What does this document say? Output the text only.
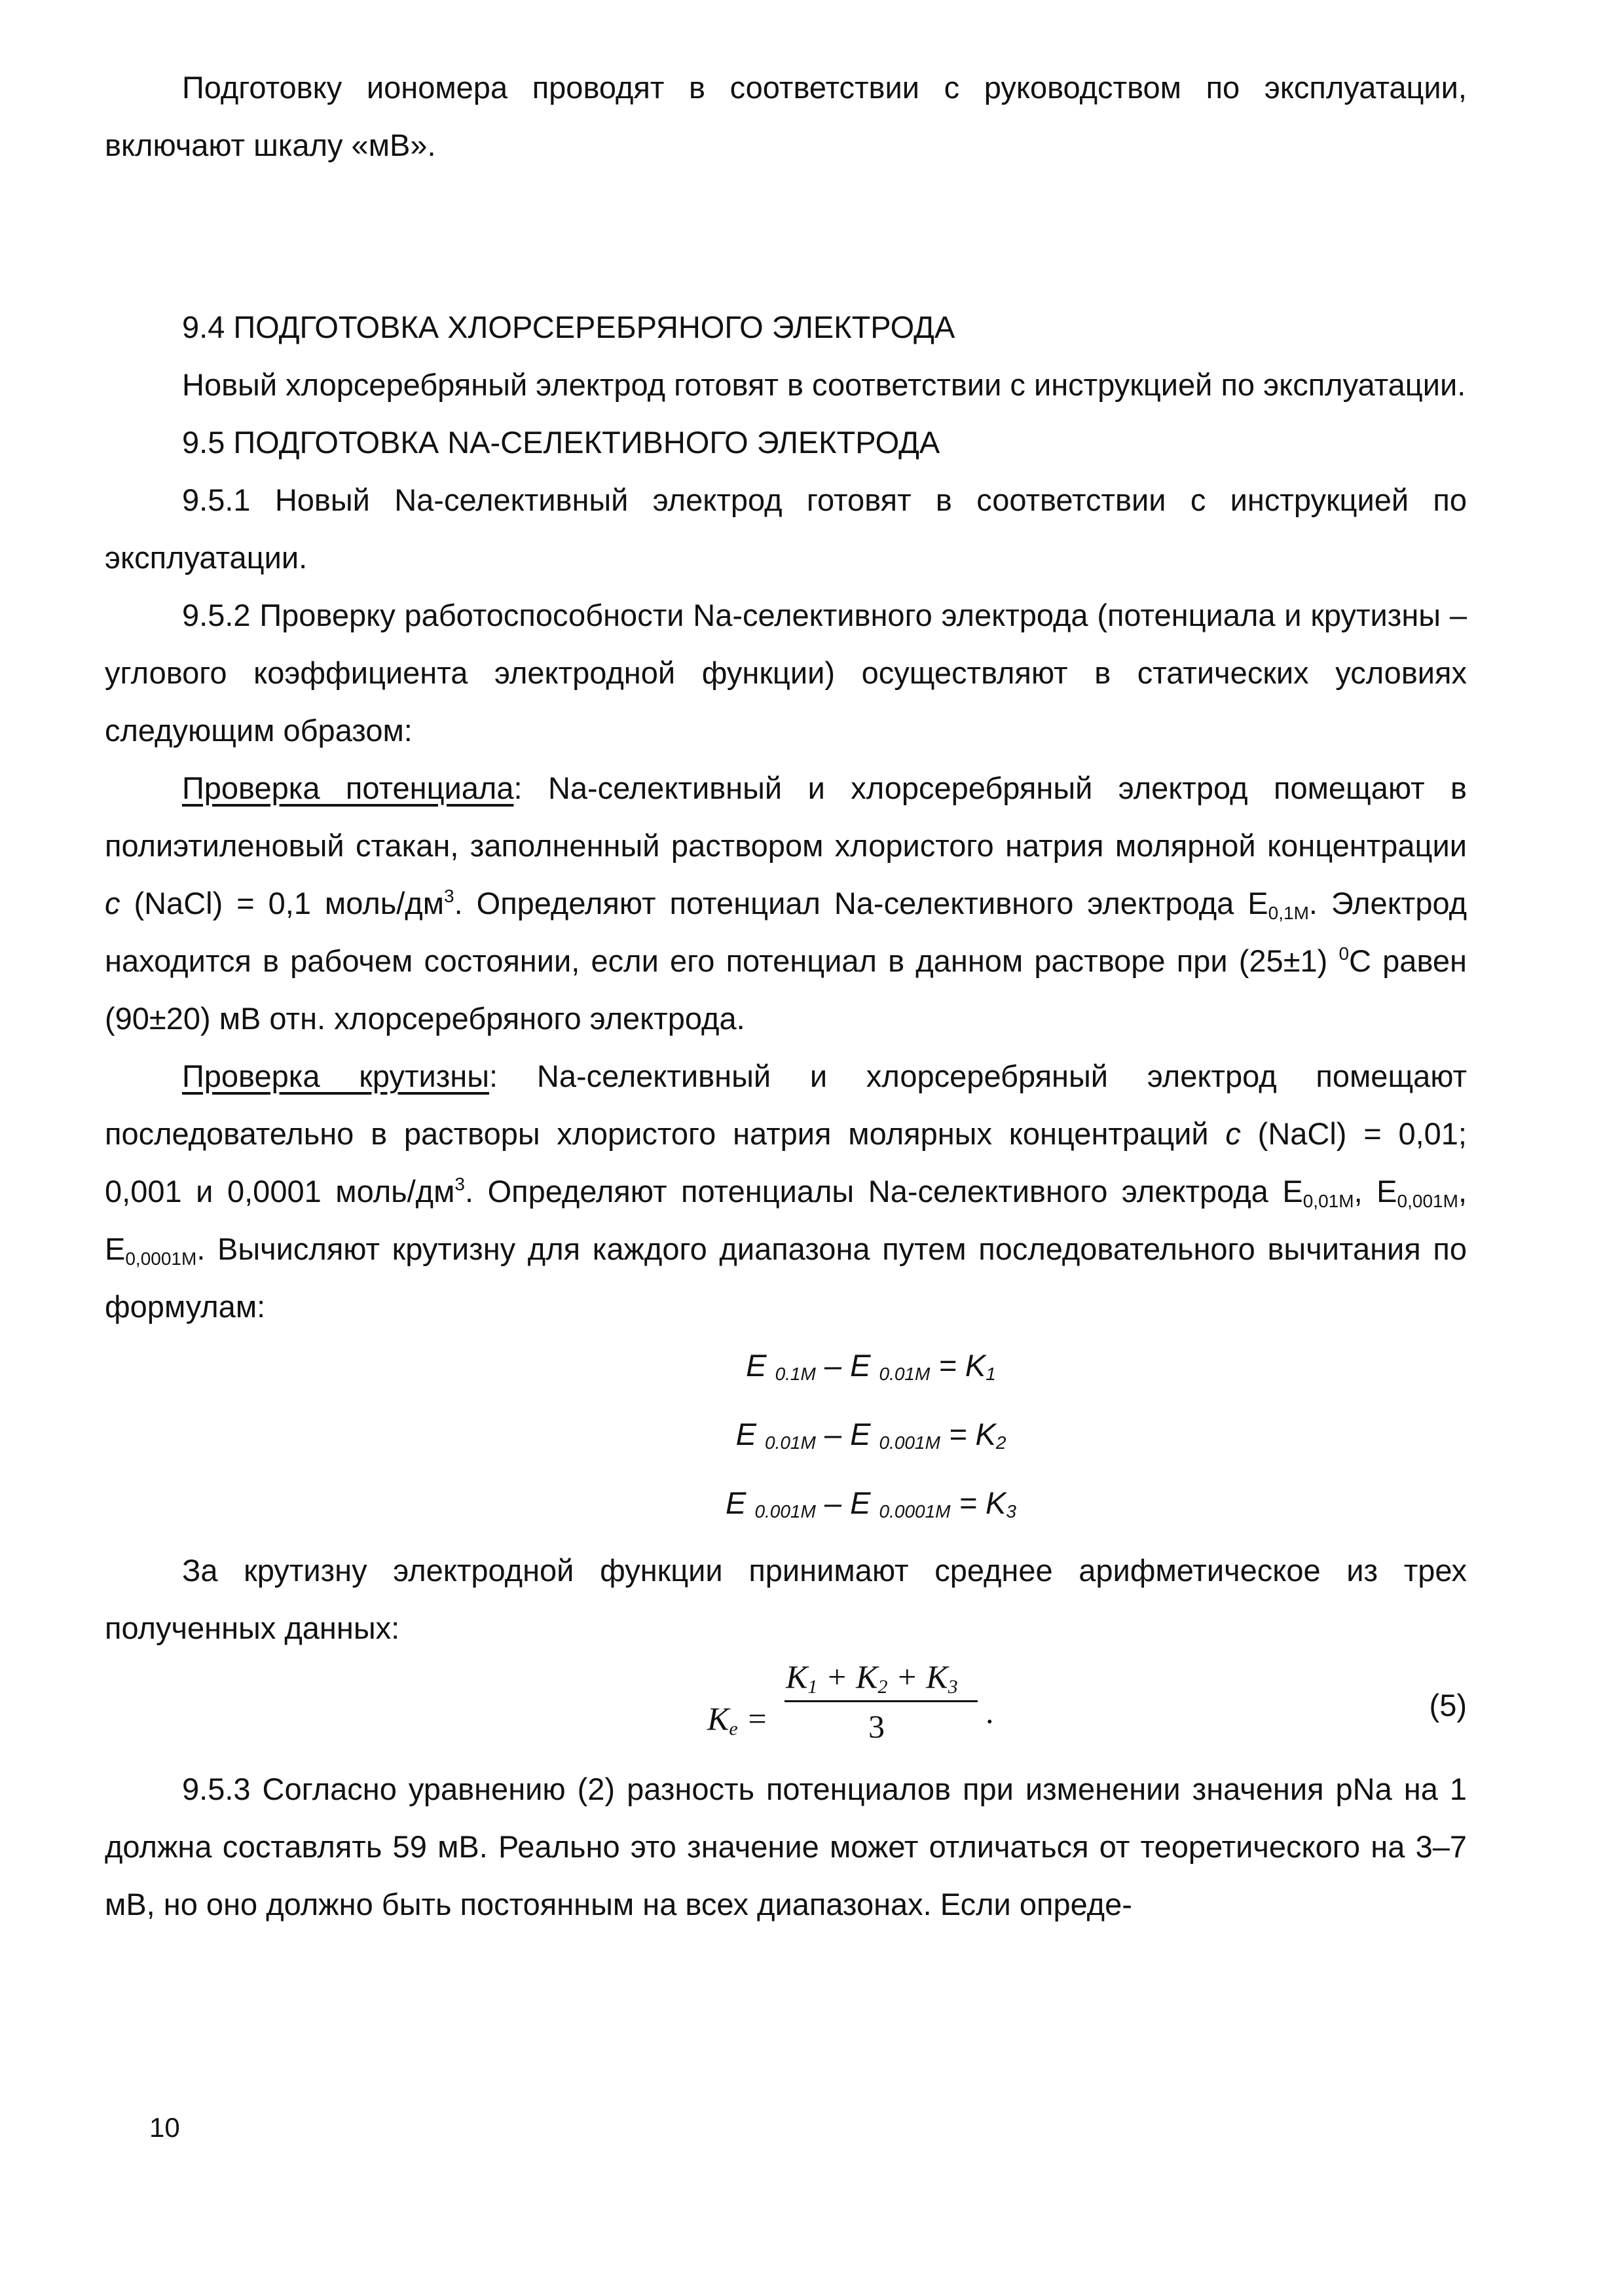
Подготовку иономера проводят в соответствии с руководством по эксплуатации, включают шкалу «мВ».

9.4 ПОДГОТОВКА ХЛОРСЕРЕБРЯНОГО ЭЛЕКТРОДА

Новый хлорсеребряный электрод готовят в соответствии с инструкцией по эксплуатации.

9.5 ПОДГОТОВКА NA-СЕЛЕКТИВНОГО ЭЛЕКТРОДА

9.5.1 Новый Na-селективный электрод готовят в соответствии с инструкцией по эксплуатации.

9.5.2 Проверку работоспособности Na-селективного электрода (потенциала и крутизны – углового коэффициента электродной функции) осуществляют в статических условиях следующим образом:

Проверка потенциала: Na-селективный и хлорсеребряный электрод помещают в полиэтиленовый стакан, заполненный раствором хлористого натрия молярной концентрации c (NaCl) = 0,1 моль/$дм^3$. Определяют потенциал Na-селективного электрода $Е_{0,1М}$. Электрод находится в рабочем состоянии, если его потенциал в данном растворе при (25±1) $^0$С равен (90±20) мВ отн. хлорсеребряного электрода.

Проверка крутизны: Na-селективный и хлорсеребряный электрод помещают последовательно в растворы хлористого натрия молярных концентраций c (NaCl) = 0,01; 0,001 и 0,0001 моль/$дм^3$. Определяют потенциалы Na-селективного электрода $Е_{0,01М}$, $Е_{0,001М}$, $Е_{0,0001М}$. Вычисляют крутизну для каждого диапазона путем последовательного вычитания по формулам:

E $_{0.1M}$ – E $_{0.01M} = K_1$
E $_{0.01M}$ – E $_{0.001M} = K_2$
E $_{0.001M}$ – E $_{0.0001M} = K_3$

За крутизну электродной функции принимают среднее арифметическое из трех полученных данных:

$K_e$ =
$K_1 + K_2 + K_3$
3	.	(5)

9.5.3 Согласно уравнению (2) разность потенциалов при изменении значения pNa на 1 должна составлять 59 мВ. Реально это значение может отличаться от теоретического на 3–7 мВ, но оно должно быть постоянным на всех диапазонах. Если опреде-

10
